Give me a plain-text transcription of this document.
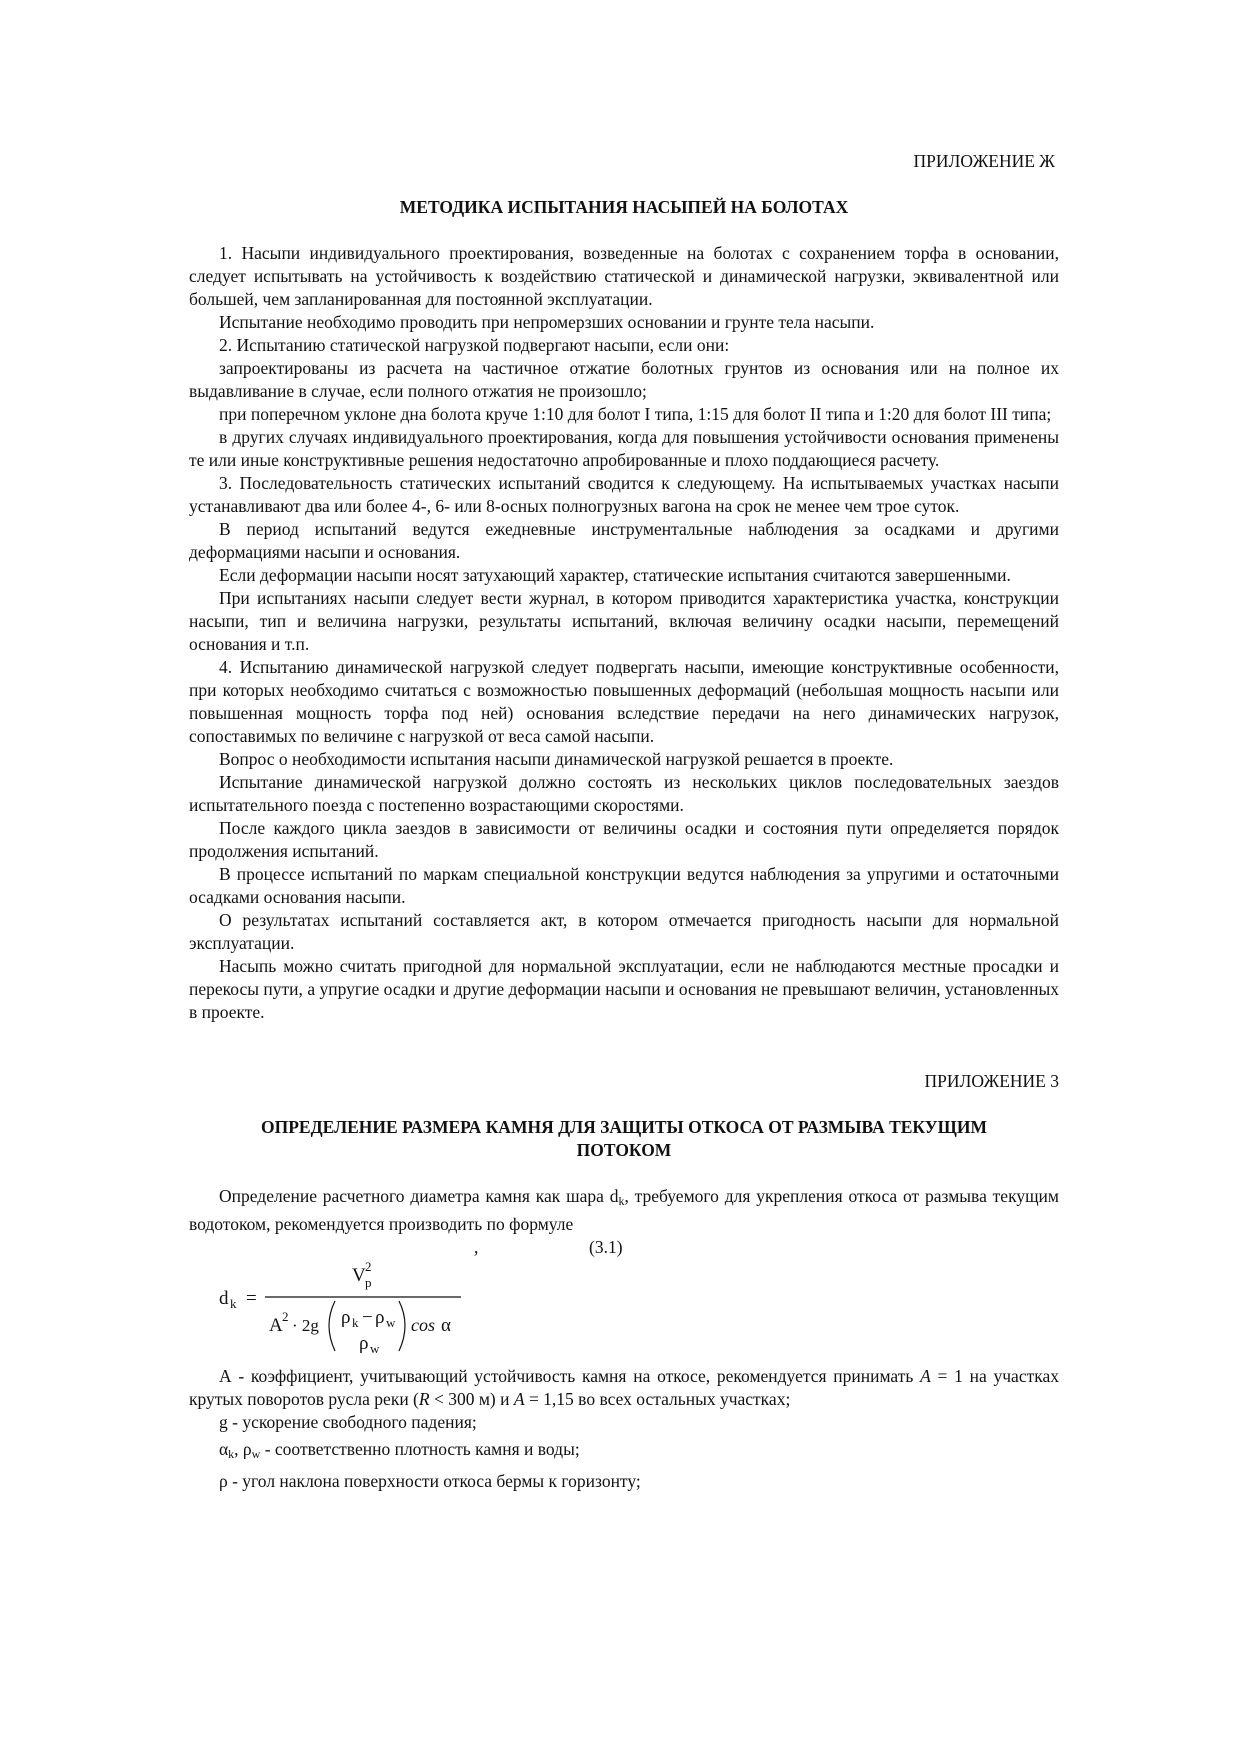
ПРИЛОЖЕНИЕ Ж

МЕТОДИКА ИСПЫТАНИЯ НАСЫПЕЙ НА БОЛОТАХ

1. Насыпи индивидуального проектирования, возведенные на болотах с сохранением торфа в основании, следует испытывать на устойчивость к воздействию статической и динамической нагрузки, эквивалентной или большей, чем запланированная для постоянной эксплуатации.

Испытание необходимо проводить при непромерзших основании и грунте тела насыпи.

2. Испытанию статической нагрузкой подвергают насыпи, если они:

запроектированы из расчета на частичное отжатие болотных грунтов из основания или на полное их выдавливание в случае, если полного отжатия не произошло;

при поперечном уклоне дна болота круче 1:10 для болот I типа, 1:15 для болот II типа и 1:20 для болот III типа;

в других случаях индивидуального проектирования, когда для повышения устойчивости основания применены те или иные конструктивные решения недостаточно апробированные и плохо поддающиеся расчету.

3. Последовательность статических испытаний сводится к следующему. На испытываемых участках насыпи устанавливают два или более 4-, 6- или 8-осных полногрузных вагона на срок не менее чем трое суток.

В период испытаний ведутся ежедневные инструментальные наблюдения за осадками и другими деформациями насыпи и основания.

Если деформации насыпи носят затухающий характер, статические испытания считаются завершенными.

При испытаниях насыпи следует вести журнал, в котором приводится характеристика участка, конструкции насыпи, тип и величина нагрузки, результаты испытаний, включая величину осадки насыпи, перемещений основания и т.п.

4. Испытанию динамической нагрузкой следует подвергать насыпи, имеющие конструктивные особенности, при которых необходимо считаться с возможностью повышенных деформаций (небольшая мощность насыпи или повышенная мощность торфа под ней) основания вследствие передачи на него динамических нагрузок, сопоставимых по величине с нагрузкой от веса самой насыпи.

Вопрос о необходимости испытания насыпи динамической нагрузкой решается в проекте.

Испытание динамической нагрузкой должно состоять из нескольких циклов последовательных заездов испытательного поезда с постепенно возрастающими скоростями.

После каждого цикла заездов в зависимости от величины осадки и состояния пути определяется порядок продолжения испытаний.

В процессе испытаний по маркам специальной конструкции ведутся наблюдения за упругими и остаточными осадками основания насыпи.

О результатах испытаний составляется акт, в котором отмечается пригодность насыпи для нормальной эксплуатации.

Насыпь можно считать пригодной для нормальной эксплуатации, если не наблюдаются местные просадки и перекосы пути, а упругие осадки и другие деформации насыпи и основания не превышают величин, установленных в проекте.

ПРИЛОЖЕНИЕ 3

ОПРЕДЕЛЕНИЕ РАЗМЕРА КАМНЯ ДЛЯ ЗАЩИТЫ ОТКОСА ОТ РАЗМЫВА ТЕКУЩИМ ПОТОКОМ

Определение расчетного диаметра камня как шара $d_k$, требуемого для укрепления откоса от размыва текущим водотоком, рекомендуется производить по формуле

,	(3.1)
d k =
V 2
p
A 2 · 2g ρ k − ρ w
ρ w
cos α

А - коэффициент, учитывающий устойчивость камня на откосе, рекомендуется принимать A = 1 на участках крутых поворотов русла реки (R < 300 м) и A = 1,15 во всех остальных участках;

g - ускорение свободного падения;

$\alpha_k$, $\rho_w$ - соответственно плотность камня и воды;

ρ - угол наклона поверхности откоса бермы к горизонту;
